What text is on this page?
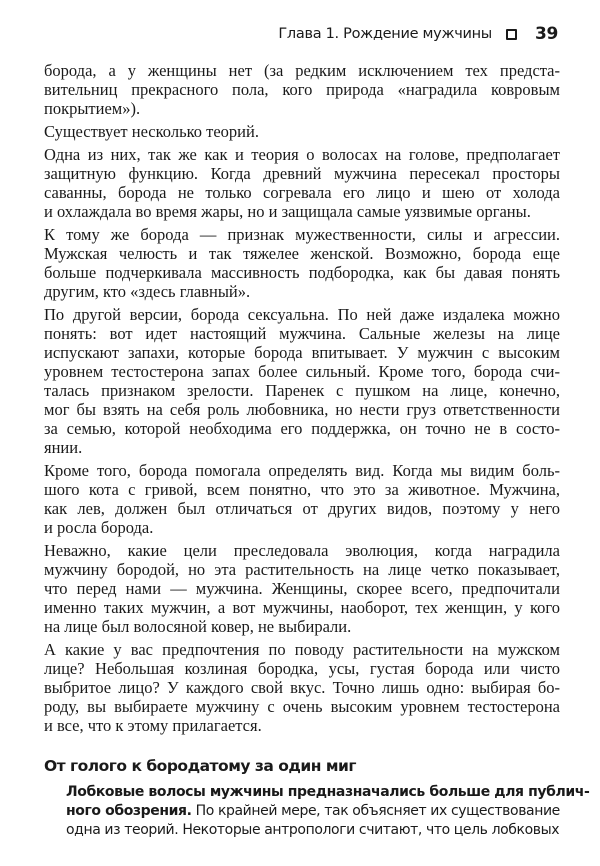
Глава 1. Рождение мужчины	39
борода, а у женщины нет (за редким исключением тех предста-
вительниц прекрасного пола, кого природа «наградила ковровым
покрытием»).
Существует несколько теорий.
Одна из них, так же как и теория о волосах на голове, предполагает
защитную функцию. Когда древний мужчина пересекал просторы
саванны, борода не только согревала его лицо и шею от холода
и охлаждала во время жары, но и защищала самые уязвимые органы.
К тому же борода — признак мужественности, силы и агрессии.
Мужская челюсть и так тяжелее женской. Возможно, борода еще
больше подчеркивала массивность подбородка, как бы давая понять
другим, кто «здесь главный».
По другой версии, борода сексуальна. По ней даже издалека можно
понять: вот идет настоящий мужчина. Сальные железы на лице
испускают запахи, которые борода впитывает. У мужчин с высоким
уровнем тестостерона запах более сильный. Кроме того, борода счи-
талась признаком зрелости. Паренек с пушком на лице, конечно,
мог бы взять на себя роль любовника, но нести груз ответственности
за семью, которой необходима его поддержка, он точно не в состо-
янии.
Кроме того, борода помогала определять вид. Когда мы видим боль-
шого кота с гривой, всем понятно, что это за животное. Мужчина,
как лев, должен был отличаться от других видов, поэтому у него
и росла борода.
Неважно, какие цели преследовала эволюция, когда наградила
мужчину бородой, но эта растительность на лице четко показывает,
что перед нами — мужчина. Женщины, скорее всего, предпочитали
именно таких мужчин, а вот мужчины, наоборот, тех женщин, у кого
на лице был волосяной ковер, не выбирали.
А какие у вас предпочтения по поводу растительности на мужском
лице? Небольшая козлиная бородка, усы, густая борода или чисто
выбритое лицо? У каждого свой вкус. Точно лишь одно: выбирая бо-
роду, вы выбираете мужчину с очень высоким уровнем тестостерона
и все, что к этому прилагается.
От голого к бородатому за один миг
Лобковые волосы мужчины предназначались больше для публич-
ного обозрения. По крайней мере, так объясняет их существование
одна из теорий. Некоторые антропологи считают, что цель лобковых
